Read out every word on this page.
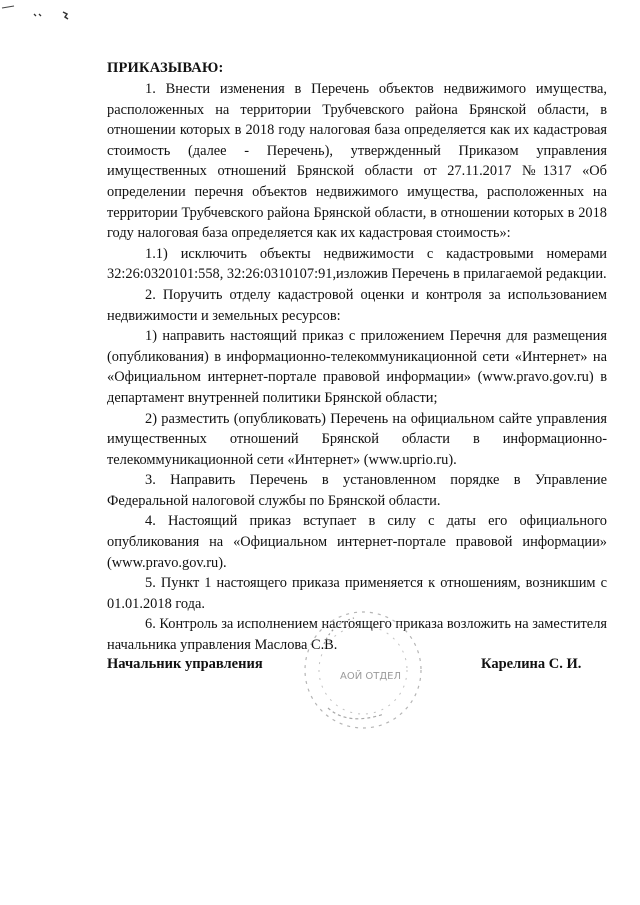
ПРИКАЗЫВАЮ:

1. Внести изменения в Перечень объектов недвижимого имущества, расположенных на территории Трубчевского района Брянской области, в отношении которых в 2018 году налоговая база определяется как их кадастровая стоимость (далее - Перечень), утвержденный Приказом управления имущественных отношений Брянской области от 27.11.2017 №1317 «Об определении перечня объектов недвижимого имущества, расположенных на территории Трубчевского района Брянской области, в отношении которых в 2018 году налоговая база определяется как их кадастровая стоимость»:

1.1) исключить объекты недвижимости с кадастровыми номерами 32:26:0320101:558, 32:26:0310107:91,изложив Перечень в прилагаемой редакции.

2. Поручить отделу кадастровой оценки и контроля за использованием недвижимости и земельных ресурсов:

1) направить настоящий приказ с приложением Перечня для размещения (опубликования) в информационно-телекоммуникационной сети «Интернет» на «Официальном интернет-портале правовой информации» (www.pravo.gov.ru) в департамент внутренней политики Брянской области;

2) разместить (опубликовать) Перечень на официальном сайте управления имущественных отношений Брянской области в информационно-телекоммуникационной сети «Интернет» (www.uprio.ru).

3. Направить Перечень в установленном порядке в Управление Федеральной налоговой службы по Брянской области.

4. Настоящий приказ вступает в силу с даты его официального опубликования на «Официальном интернет-портале правовой информации» (www.pravo.gov.ru).

5. Пункт 1 настоящего приказа применяется к отношениям, возникшим с 01.01.2018 года.

6. Контроль за исполнением настоящего приказа возложить на заместителя начальника управления Маслова С.В.

АОЙ ОТДЕЛ
Начальник управления	Карелина С. И.
